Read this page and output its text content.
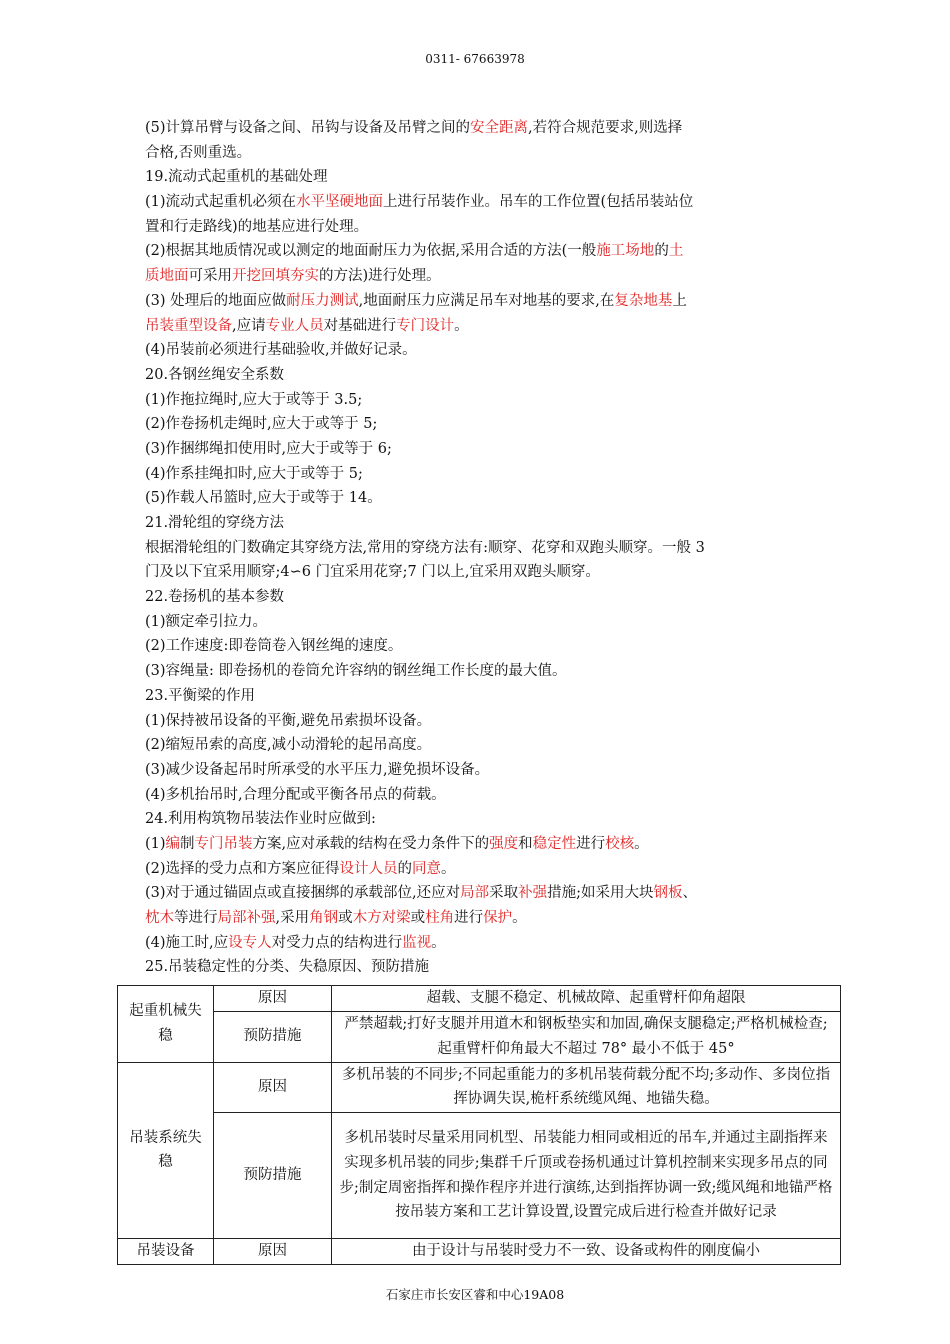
0311- 67663978
(5)计算吊臂与设备之间、吊钩与设备及吊臂之间的安全距离,若符合规范要求,则选择
合格,否则重选。
19.流动式起重机的基础处理
(1)流动式起重机必须在水平坚硬地面上进行吊装作业。吊车的工作位置(包括吊装站位
置和行走路线)的地基应进行处理。
(2)根据其地质情况或以测定的地面耐压力为依据,采用合适的方法(一般施工场地的土
质地面可采用开挖回填夯实的方法)进行处理。
(3) 处理后的地面应做耐压力测试,地面耐压力应满足吊车对地基的要求,在复杂地基上
吊装重型设备,应请专业人员对基础进行专门设计。
(4)吊装前必须进行基础验收,并做好记录。
20.各钢丝绳安全系数
(1)作拖拉绳时,应大于或等于 3.5;
(2)作卷扬机走绳时,应大于或等于 5;
(3)作捆绑绳扣使用时,应大于或等于 6;
(4)作系挂绳扣时,应大于或等于 5;
(5)作载人吊篮时,应大于或等于 14。
21.滑轮组的穿绕方法
根据滑轮组的门数确定其穿绕方法,常用的穿绕方法有:顺穿、花穿和双跑头顺穿。一般 3
门及以下宜采用顺穿;4∽6 门宜采用花穿;7 门以上,宜采用双跑头顺穿。
22.卷扬机的基本参数
(1)额定牵引拉力。
(2)工作速度:即卷筒卷入钢丝绳的速度。
(3)容绳量: 即卷扬机的卷筒允许容纳的钢丝绳工作长度的最大值。
23.平衡梁的作用
(1)保持被吊设备的平衡,避免吊索损坏设备。
(2)缩短吊索的高度,减小动滑轮的起吊高度。
(3)减少设备起吊时所承受的水平压力,避免损坏设备。
(4)多机抬吊时,合理分配或平衡各吊点的荷载。
24.利用构筑物吊装法作业时应做到:
(1)编制专门吊装方案,应对承载的结构在受力条件下的强度和稳定性进行校核。
(2)选择的受力点和方案应征得设计人员的同意。
(3)对于通过锚固点或直接捆绑的承载部位,还应对局部采取补强措施;如采用大块钢板、
枕木等进行局部补强,采用角钢或木方对梁或柱角进行保护。
(4)施工时,应设专人对受力点的结构进行监视。
25.吊装稳定性的分类、失稳原因、预防措施
起重机械失稳	原因	超载、支腿不稳定、机械故障、起重臂杆仰角超限
	预防措施	严禁超载;打好支腿并用道木和钢板垫实和加固,确保支腿稳定;严格机械检查;起重臂杆仰角最大不超过 78° 最小不低于 45°
吊装系统失稳	原因	多机吊装的不同步;不同起重能力的多机吊装荷载分配不均;多动作、多岗位指挥协调失误,桅杆系统缆风绳、地锚失稳。
	预防措施	多机吊装时尽量采用同机型、吊装能力相同或相近的吊车,并通过主副指挥来实现多机吊装的同步;集群千斤顶或卷扬机通过计算机控制来实现多吊点的同步;制定周密指挥和操作程序并进行演练,达到指挥协调一致;缆风绳和地锚严格按吊装方案和工艺计算设置,设置完成后进行检查并做好记录
吊装设备	原因	由于设计与吊装时受力不一致、设备或构件的刚度偏小
石家庄市长安区睿和中心19A08
